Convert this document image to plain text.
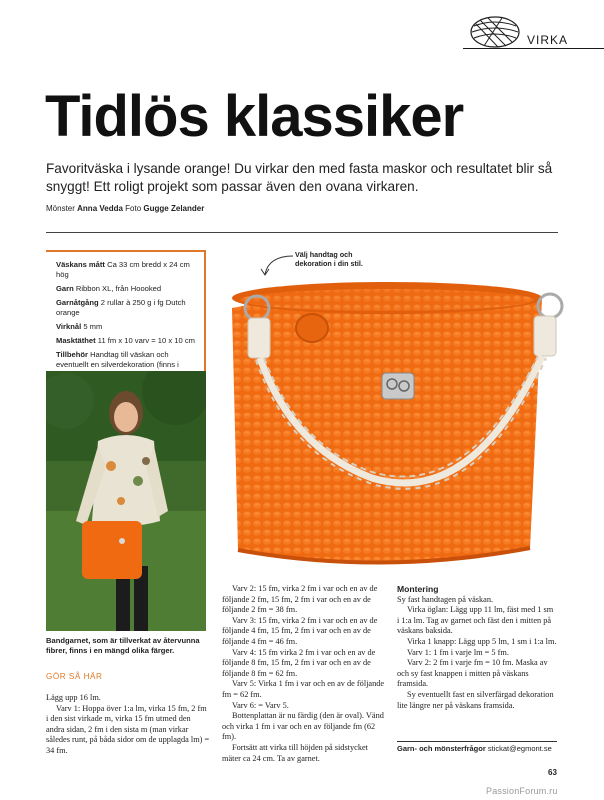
VIRKA
Tidlös klassiker

Favoritväska i lysande orange! Du virkar den med fasta maskor och resultatet blir så snyggt! Ett roligt projekt som passar även den ovana virkaren.

Mönster Anna Vedda Foto Gugge Zelander
Väskans mått Ca 33 cm bredd x 24 cm hög
Garn Ribbon XL, från Hoooked
Garnåtgång 2 rullar à 250 g i fg Dutch orange
Virknål 5 mm
Masktäthet 11 fm x 10 varv = 10 x 10 cm
Tillbehör Handtag till väskan och eventuellt en silverdekoration (finns i
Bandgarnet, som är tillverkat av återvunna fibrer, finns i en mängd olika färger.
Välj handtag och dekoration i din stil.
GÖR SÅ HÄR

Lägg upp 16 lm.

Varv 1: Hoppa över 1:a lm, virka 15 fm, 2 fm i den sist virkade m, virka 15 fm utmed den andra sidan, 2 fm i den sista m (man virkar således runt, på båda sidor om de upplagda lm) = 34 fm.

Varv 2: 15 fm, virka 2 fm i var och en av de följande 2 fm, 15 fm, 2 fm i var och en av de följande 2 fm = 38 fm.

Varv 3: 15 fm, virka 2 fm i var och en av de följande 4 fm, 15 fm, 2 fm i var och en av de följande 4 fm = 46 fm.

Varv 4: 15 fm virka 2 fm i var och en av de följande 8 fm, 15 fm, 2 fm i var och en av de följande 8 fm = 62 fm.

Varv 5: Virka 1 fm i var och en av de följande fm = 62 fm.

Varv 6: = Varv 5.

Bottenplattan är nu färdig (den är oval). Vänd och virka 1 fm i var och en av följande fm (62 fm).

Fortsätt att virka till höjden på sidstycket mäter ca 24 cm. Ta av garnet.

Montering

Sy fast handtagen på väskan.

Virka öglan: Lägg upp 11 lm, fäst med 1 sm i 1:a lm. Tag av garnet och fäst den i mitten på väskans baksida.

Virka 1 knapp: Lägg upp 5 lm, 1 sm i 1:a lm.

Varv 1: 1 fm i varje lm = 5 fm.

Varv 2: 2 fm i varje fm = 10 fm. Maska av och sy fast knappen i mitten på väskans framsida.

Sy eventuellt fast en silverfärgad dekoration lite längre ner på väskans framsida.

Garn- och mönsterfrågor stickat@egmont.se
63
PassionForum.ru
